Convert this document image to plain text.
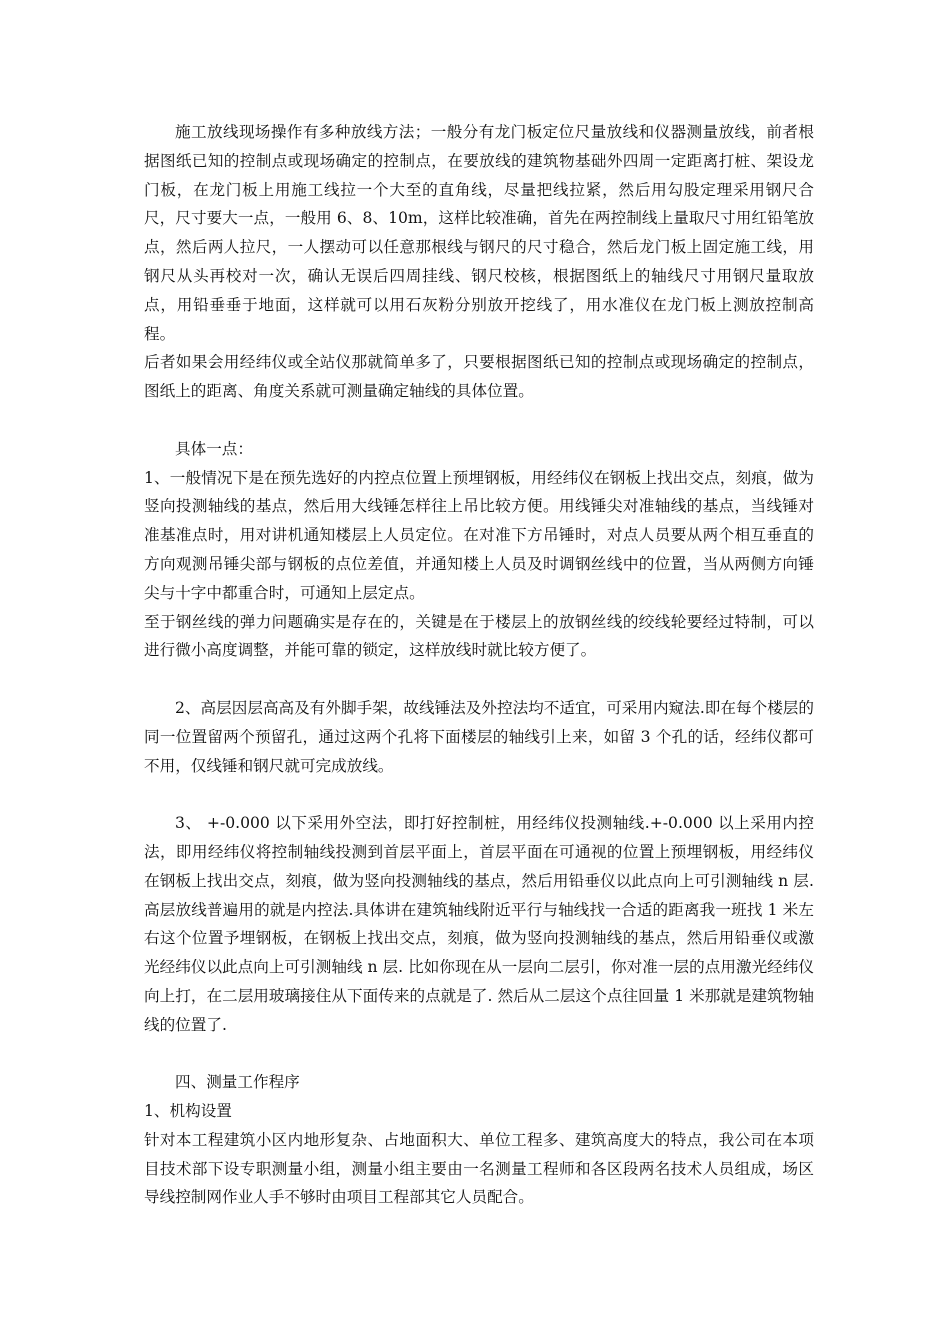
施工放线现场操作有多种放线方法；一般分有龙门板定位尺量放线和仪器测量放线，前者根据图纸已知的控制点或现场确定的控制点，在要放线的建筑物基础外四周一定距离打桩、架设龙门板，在龙门板上用施工线拉一个大至的直角线，尽量把线拉紧，然后用勾股定理采用钢尺合尺，尺寸要大一点，一般用 6、8、10m，这样比较准确，首先在两控制线上量取尺寸用红铅笔放点，然后两人拉尺，一人摆动可以任意那根线与钢尺的尺寸稳合，然后龙门板上固定施工线，用钢尺从头再校对一次，确认无误后四周挂线、钢尺校核，根据图纸上的轴线尺寸用钢尺量取放点，用铅垂垂于地面，这样就可以用石灰粉分别放开挖线了，用水准仪在龙门板上测放控制高程。

后者如果会用经纬仪或全站仪那就简单多了，只要根据图纸已知的控制点或现场确定的控制点，图纸上的距离、角度关系就可测量确定轴线的具体位置。

具体一点：

1、一般情况下是在预先选好的内控点位置上预埋钢板，用经纬仪在钢板上找出交点，刻痕，做为竖向投测轴线的基点，然后用大线锤怎样往上吊比较方便。用线锤尖对准轴线的基点，当线锤对准基准点时，用对讲机通知楼层上人员定位。在对准下方吊锤时，对点人员要从两个相互垂直的方向观测吊锤尖部与钢板的点位差值，并通知楼上人员及时调钢丝线中的位置，当从两侧方向锤尖与十字中都重合时，可通知上层定点。

至于钢丝线的弹力问题确实是存在的，关键是在于楼层上的放钢丝线的绞线轮要经过特制，可以进行微小高度调整，并能可靠的锁定，这样放线时就比较方便了。

2、高层因层高高及有外脚手架，故线锤法及外控法均不适宜，可采用内窥法.即在每个楼层的同一位置留两个预留孔，通过这两个孔将下面楼层的轴线引上来，如留 3 个孔的话，经纬仪都可不用，仅线锤和钢尺就可完成放线。

3、 +-0.000 以下采用外空法，即打好控制桩，用经纬仪投测轴线.+-0.000 以上采用内控法，即用经纬仪将控制轴线投测到首层平面上，首层平面在可通视的位置上预埋钢板，用经纬仪在钢板上找出交点，刻痕，做为竖向投测轴线的基点，然后用铅垂仪以此点向上可引测轴线 n 层. 高层放线普遍用的就是内控法.具体讲在建筑轴线附近平行与轴线找一合适的距离我一班找 1 米左右这个位置予埋钢板，在钢板上找出交点，刻痕，做为竖向投测轴线的基点，然后用铅垂仪或激光经纬仪以此点向上可引测轴线 n 层. 比如你现在从一层向二层引，你对准一层的点用激光经纬仪向上打，在二层用玻璃接住从下面传来的点就是了. 然后从二层这个点往回量 1 米那就是建筑物轴线的位置了.

四、测量工作程序

1、机构设置

针对本工程建筑小区内地形复杂、占地面积大、单位工程多、建筑高度大的特点，我公司在本项目技术部下设专职测量小组，测量小组主要由一名测量工程师和各区段两名技术人员组成，场区导线控制网作业人手不够时由项目工程部其它人员配合。
